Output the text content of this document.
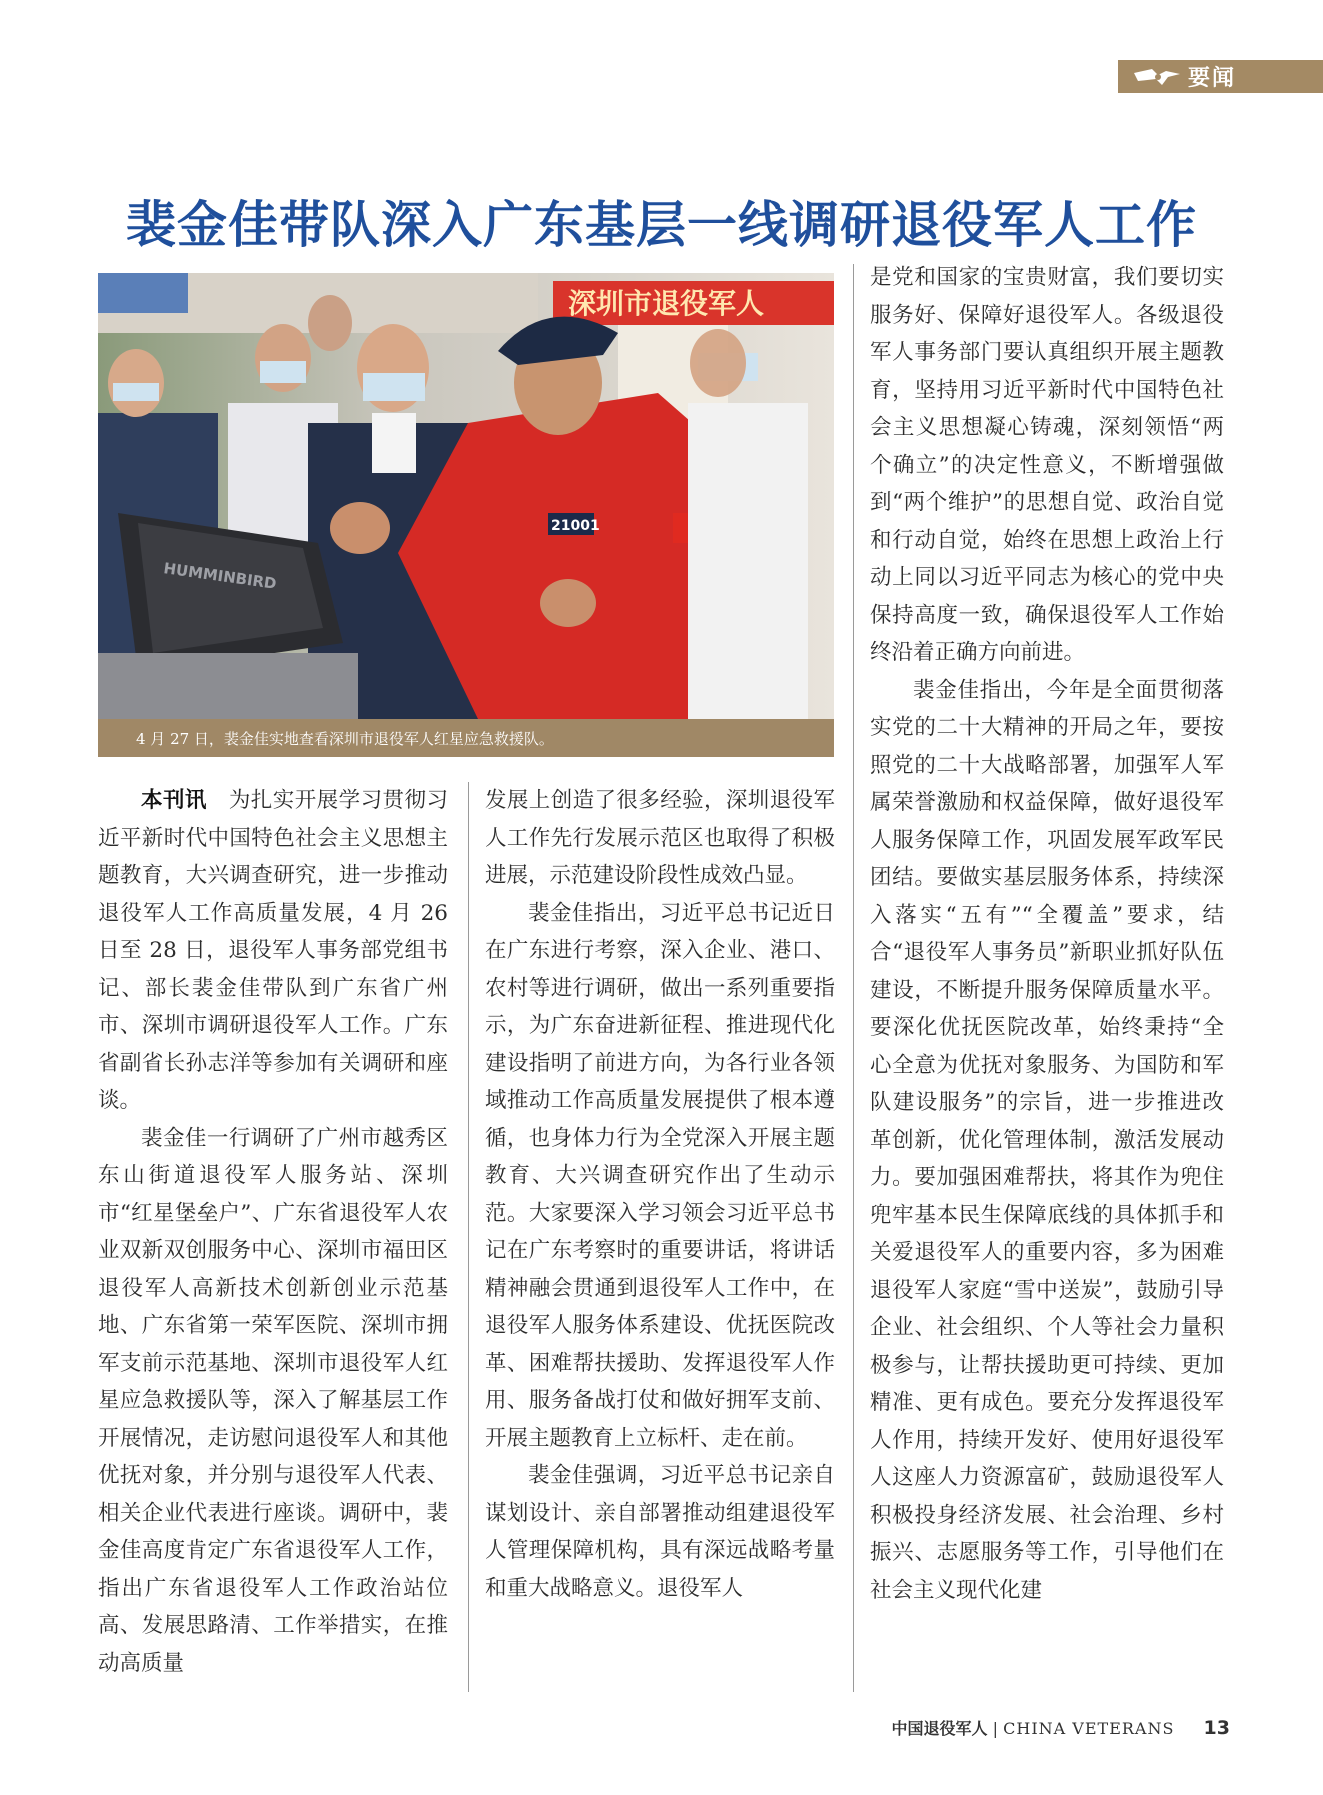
要闻
裴金佳带队深入广东基层一线调研退役军人工作
深圳市退役军人
21001
HUMMINBIRD
4 月 27 日，裴金佳实地查看深圳市退役军人红星应急救援队。

本刊讯　 为扎实开展学习贯彻习近平新时代中国特色社会主义思想主题教育，大兴调查研究，进一步推动退役军人工作高质量发展，4 月 26 日至 28 日，退役军人事务部党组书记、部长裴金佳带队到广东省广州市、深圳市调研退役军人工作。广东省副省长孙志洋等参加有关调研和座谈。

裴金佳一行调研了广州市越秀区东山街道退役军人服务站、深圳市“红星堡垒户”、广东省退役军人农业双新双创服务中心、深圳市福田区退役军人高新技术创新创业示范基地、广东省第一荣军医院、深圳市拥军支前示范基地、深圳市退役军人红星应急救援队等，深入了解基层工作开展情况，走访慰问退役军人和其他优抚对象，并分别与退役军人代表、相关企业代表进行座谈。调研中，裴金佳高度肯定广东省退役军人工作，指出广东省退役军人工作政治站位高、发展思路清、工作举措实，在推动高质量

发展上创造了很多经验，深圳退役军人工作先行发展示范区也取得了积极进展，示范建设阶段性成效凸显。

裴金佳指出，习近平总书记近日在广东进行考察，深入企业、港口、农村等进行调研，做出一系列重要指示，为广东奋进新征程、推进现代化建设指明了前进方向，为各行业各领域推动工作高质量发展提供了根本遵循，也身体力行为全党深入开展主题教育、大兴调查研究作出了生动示范。大家要深入学习领会习近平总书记在广东考察时的重要讲话，将讲话精神融会贯通到退役军人工作中，在退役军人服务体系建设、优抚医院改革、困难帮扶援助、发挥退役军人作用、服务备战打仗和做好拥军支前、开展主题教育上立标杆、走在前。

裴金佳强调，习近平总书记亲自谋划设计、亲自部署推动组建退役军人管理保障机构，具有深远战略考量和重大战略意义。退役军人

是党和国家的宝贵财富，我们要切实服务好、保障好退役军人。各级退役军人事务部门要认真组织开展主题教育，坚持用习近平新时代中国特色社会主义思想凝心铸魂，深刻领悟“两个确立”的决定性意义，不断增强做到“两个维护”的思想自觉、政治自觉和行动自觉，始终在思想上政治上行动上同以习近平同志为核心的党中央保持高度一致，确保退役军人工作始终沿着正确方向前进。

裴金佳指出，今年是全面贯彻落实党的二十大精神的开局之年，要按照党的二十大战略部署，加强军人军属荣誉激励和权益保障，做好退役军人服务保障工作，巩固发展军政军民团结。要做实基层服务体系，持续深入落实“五有”“全覆盖”要求，结合“退役军人事务员”新职业抓好队伍建设，不断提升服务保障质量水平。要深化优抚医院改革，始终秉持“全心全意为优抚对象服务、为国防和军队建设服务”的宗旨，进一步推进改革创新，优化管理体制，激活发展动力。要加强困难帮扶，将其作为兜住兜牢基本民生保障底线的具体抓手和关爱退役军人的重要内容，多为困难退役军人家庭“雪中送炭”，鼓励引导企业、社会组织、个人等社会力量积极参与，让帮扶援助更可持续、更加精准、更有成色。要充分发挥退役军人作用，持续开发好、使用好退役军人这座人力资源富矿，鼓励退役军人积极投身经济发展、社会治理、乡村振兴、志愿服务等工作，引导他们在社会主义现代化建

中国退役军人 | CHINA VETERANS 13
